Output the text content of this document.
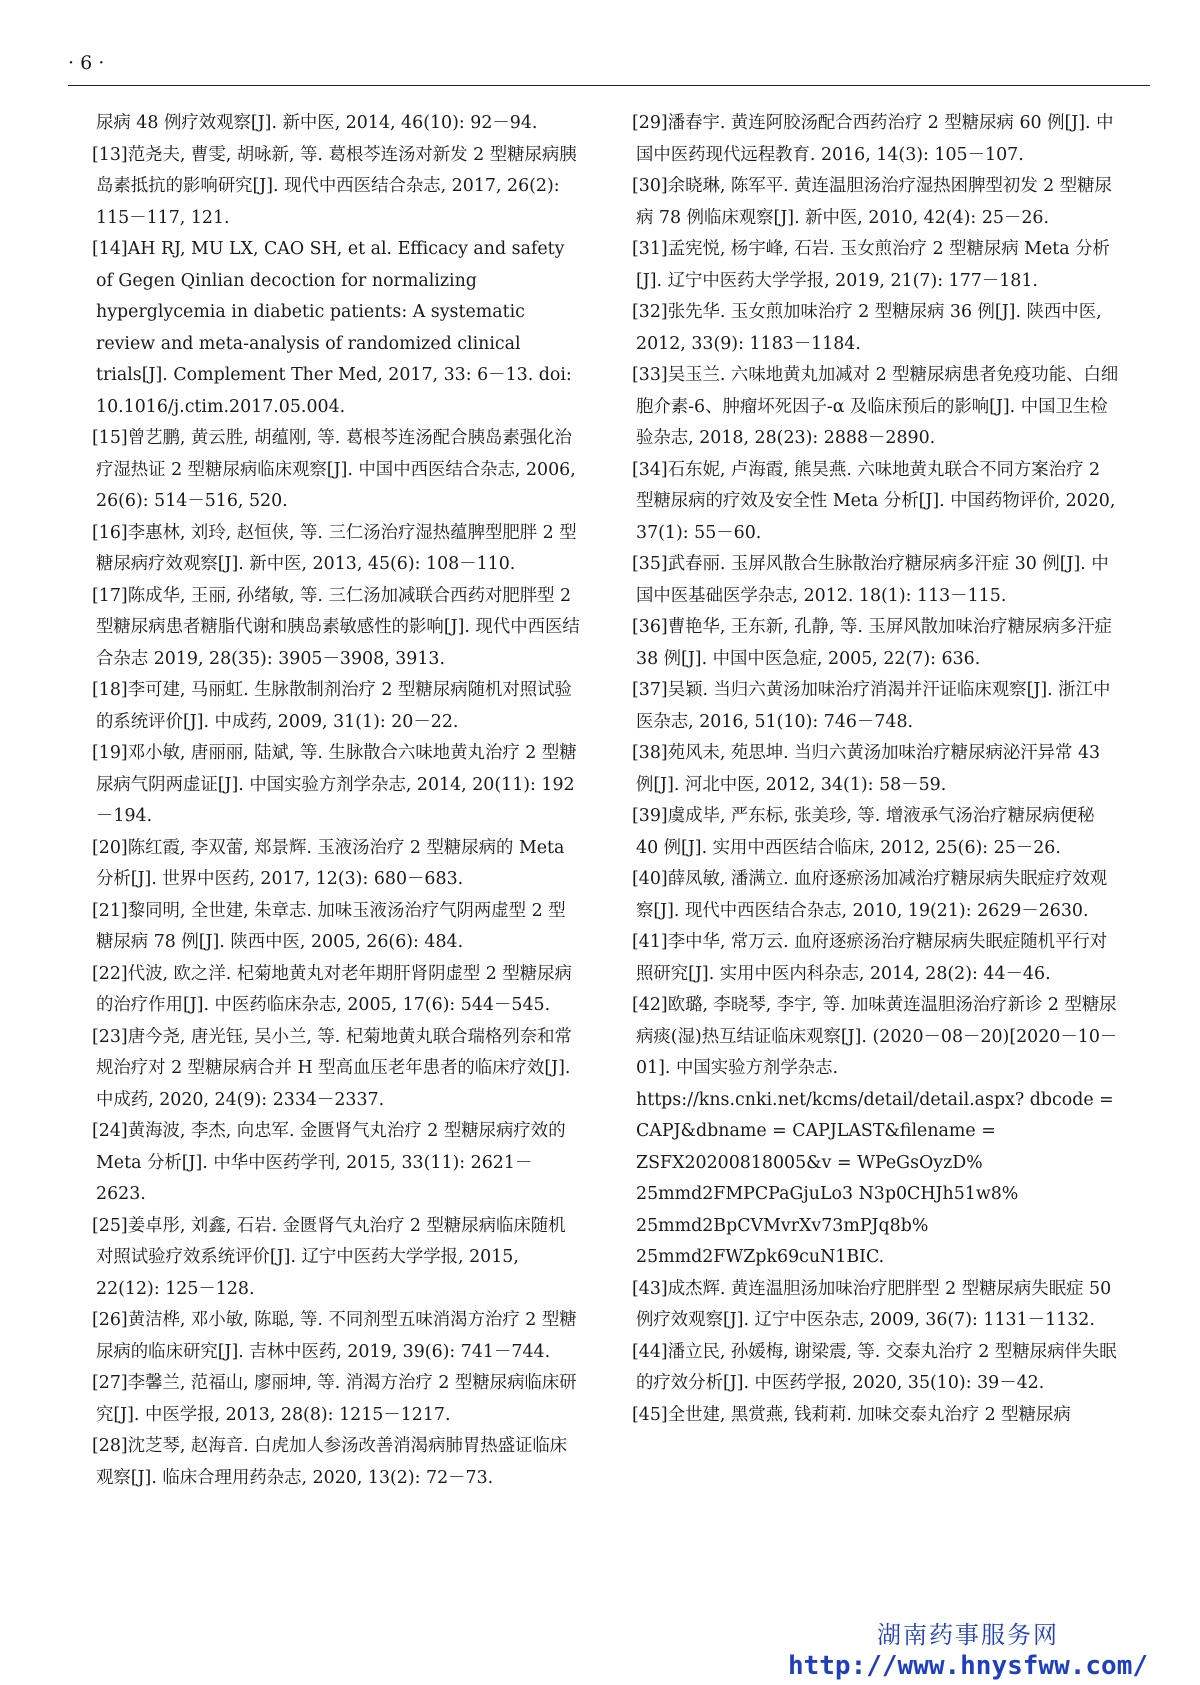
· 6 ·

尿病 48 例疗效观察[J]. 新中医, 2014, 46(10): 92－94.

[13]范尧夫, 曹雯, 胡咏新, 等. 葛根芩连汤对新发 2 型糖尿病胰岛素抵抗的影响研究[J]. 现代中西医结合杂志, 2017, 26(2): 115－117, 121.

[14]AH RJ, MU LX, CAO SH, et al. Efficacy and safety of Gegen Qinlian decoction for normalizing hyperglycemia in diabetic patients: A systematic review and meta-analysis of randomized clinical trials[J]. Complement Ther Med, 2017, 33: 6－13. doi: 10.1016/j.ctim.2017.05.004.

[15]曾艺鹏, 黄云胜, 胡蕴刚, 等. 葛根芩连汤配合胰岛素强化治疗湿热证 2 型糖尿病临床观察[J]. 中国中西医结合杂志, 2006, 26(6): 514－516, 520.

[16]李惠林, 刘玲, 赵恒侠, 等. 三仁汤治疗湿热蕴脾型肥胖 2 型糖尿病疗效观察[J]. 新中医, 2013, 45(6): 108－110.

[17]陈成华, 王丽, 孙绪敏, 等. 三仁汤加减联合西药对肥胖型 2 型糖尿病患者糖脂代谢和胰岛素敏感性的影响[J]. 现代中西医结合杂志 2019, 28(35): 3905－3908, 3913.

[18]李可建, 马丽虹. 生脉散制剂治疗 2 型糖尿病随机对照试验的系统评价[J]. 中成药, 2009, 31(1): 20－22.

[19]邓小敏, 唐丽丽, 陆斌, 等. 生脉散合六味地黄丸治疗 2 型糖尿病气阴两虚证[J]. 中国实验方剂学杂志, 2014, 20(11): 192－194.

[20]陈红霞, 李双蕾, 郑景辉. 玉液汤治疗 2 型糖尿病的 Meta 分析[J]. 世界中医药, 2017, 12(3): 680－683.

[21]黎同明, 全世建, 朱章志. 加味玉液汤治疗气阴两虚型 2 型糖尿病 78 例[J]. 陕西中医, 2005, 26(6): 484.

[22]代波, 欧之洋. 杞菊地黄丸对老年期肝肾阴虚型 2 型糖尿病的治疗作用[J]. 中医药临床杂志, 2005, 17(6): 544－545.

[23]唐今尧, 唐光钰, 吴小兰, 等. 杞菊地黄丸联合瑞格列奈和常规治疗对 2 型糖尿病合并 H 型高血压老年患者的临床疗效[J]. 中成药, 2020, 24(9): 2334－2337.

[24]黄海波, 李杰, 向忠军. 金匮肾气丸治疗 2 型糖尿病疗效的 Meta 分析[J]. 中华中医药学刊, 2015, 33(11): 2621－2623.

[25]姜卓彤, 刘鑫, 石岩. 金匮肾气丸治疗 2 型糖尿病临床随机对照试验疗效系统评价[J]. 辽宁中医药大学学报, 2015, 22(12): 125－128.

[26]黄洁桦, 邓小敏, 陈聪, 等. 不同剂型五味消渴方治疗 2 型糖尿病的临床研究[J]. 吉林中医药, 2019, 39(6): 741－744.

[27]李馨兰, 范福山, 廖丽坤, 等. 消渴方治疗 2 型糖尿病临床研究[J]. 中医学报, 2013, 28(8): 1215－1217.

[28]沈芝琴, 赵海音. 白虎加人参汤改善消渴病肺胃热盛证临床观察[J]. 临床合理用药杂志, 2020, 13(2): 72－73.

[29]潘春宇. 黄连阿胶汤配合西药治疗 2 型糖尿病 60 例[J]. 中国中医药现代远程教育. 2016, 14(3): 105－107.

[30]余晓琳, 陈军平. 黄连温胆汤治疗湿热困脾型初发 2 型糖尿病 78 例临床观察[J]. 新中医, 2010, 42(4): 25－26.

[31]孟宪悦, 杨宇峰, 石岩. 玉女煎治疗 2 型糖尿病 Meta 分析[J]. 辽宁中医药大学学报, 2019, 21(7): 177－181.

[32]张先华. 玉女煎加味治疗 2 型糖尿病 36 例[J]. 陕西中医, 2012, 33(9): 1183－1184.

[33]吴玉兰. 六味地黄丸加减对 2 型糖尿病患者免疫功能、白细胞介素-6、肿瘤坏死因子-α 及临床预后的影响[J]. 中国卫生检验杂志, 2018, 28(23): 2888－2890.

[34]石东妮, 卢海霞, 熊昊燕. 六味地黄丸联合不同方案治疗 2 型糖尿病的疗效及安全性 Meta 分析[J]. 中国药物评价, 2020, 37(1): 55－60.

[35]武春丽. 玉屏风散合生脉散治疗糖尿病多汗症 30 例[J]. 中国中医基础医学杂志, 2012. 18(1): 113－115.

[36]曹艳华, 王东新, 孔静, 等. 玉屏风散加味治疗糖尿病多汗症 38 例[J]. 中国中医急症, 2005, 22(7): 636.

[37]吴颖. 当归六黄汤加味治疗消渴并汗证临床观察[J]. 浙江中医杂志, 2016, 51(10): 746－748.

[38]苑风未, 苑思坤. 当归六黄汤加味治疗糖尿病泌汗异常 43 例[J]. 河北中医, 2012, 34(1): 58－59.

[39]虞成毕, 严东标, 张美珍, 等. 增液承气汤治疗糖尿病便秘 40 例[J]. 实用中西医结合临床, 2012, 25(6): 25－26.

[40]薛凤敏, 潘满立. 血府逐瘀汤加减治疗糖尿病失眠症疗效观察[J]. 现代中西医结合杂志, 2010, 19(21): 2629－2630.

[41]李中华, 常万云. 血府逐瘀汤治疗糖尿病失眠症随机平行对照研究[J]. 实用中医内科杂志, 2014, 28(2): 44－46.

[42]欧璐, 李晓琴, 李宇, 等. 加味黄连温胆汤治疗新诊 2 型糖尿病痰(湿)热互结证临床观察[J]. (2020－08－20)[2020－10－01]. 中国实验方剂学杂志. https://kns.cnki.net/kcms/detail/detail.aspx? dbcode = CAPJ&dbname = CAPJLAST&filename = ZSFX20200818005&v = WPeGsOyzD% 25mmd2FMPCPaGjuLo3 N3p0CHJh51w8% 25mmd2BpCVMvrXv73mPJq8b% 25mmd2FWZpk69cuN1BIC.

[43]成杰辉. 黄连温胆汤加味治疗肥胖型 2 型糖尿病失眠症 50 例疗效观察[J]. 辽宁中医杂志, 2009, 36(7): 1131－1132.

[44]潘立民, 孙媛梅, 谢梁震, 等. 交泰丸治疗 2 型糖尿病伴失眠的疗效分析[J]. 中医药学报, 2020, 35(10): 39－42.

[45]全世建, 黑赏燕, 钱莉莉. 加味交泰丸治疗 2 型糖尿病

湖南药事服务网
http://www.hnysfww.com/
